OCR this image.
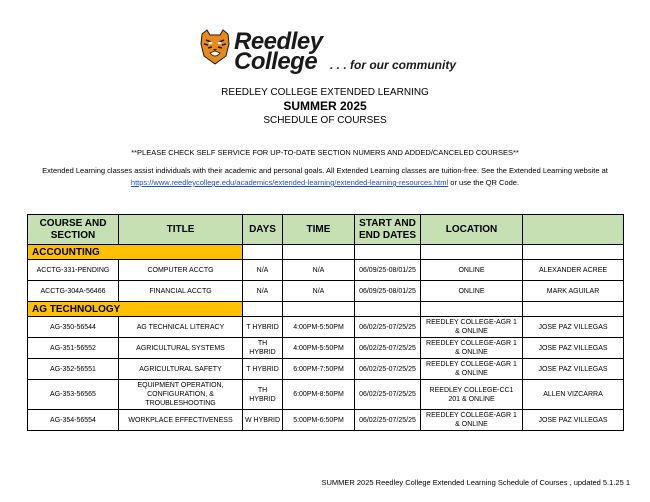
Reedley
College . . . for our community
REEDLEY COLLEGE EXTENDED LEARNING
SUMMER 2025
SCHEDULE OF COURSES
**PLEASE CHECK SELF SERVICE FOR UP-TO-DATE SECTION NUMERS AND ADDED/CANCELED COURSES**
Extended Learning classes assist individuals with their academic and personal goals. All Extended Learning classes are tuition-free. See the Extended Learning website at https://www.reedleycollege.edu/academics/extended-learning/extended-learning-resources.html or use the QR Code.
COURSE AND SECTION	TITLE	DAYS	TIME	START AND END DATES	LOCATION	
ACCOUNTING						
ACCTG-331-PENDING	COMPUTER ACCTG	N/A	N/A	06/09/25-08/01/25	ONLINE	ALEXANDER ACREE
ACCTG-304A-56466	FINANCIAL ACCTG	N/A	N/A	06/09/25-08/01/25	ONLINE	MARK AGUILAR
AG TECHNOLOGY						
AG-350-56544	AG TECHNICAL LITERACY	T HYBRID	4:00PM-5:50PM	06/02/25-07/25/25	REEDLEY COLLEGE-AGR 1 & ONLINE	JOSE PAZ VILLEGAS
AG-351-56552	AGRICULTURAL SYSTEMS	TH HYBRID	4:00PM-5:50PM	06/02/25-07/25/25	REEDLEY COLLEGE-AGR 1 & ONLINE	JOSE PAZ VILLEGAS
AG-352-56551	AGRICULTURAL SAFETY	T HYBRID	6:00PM-7:50PM	06/02/25-07/25/25	REEDLEY COLLEGE-AGR 1 & ONLINE	JOSE PAZ VILLEGAS
AG-353-56565	EQUIPMENT OPERATION, CONFIGURATION, & TROUBLESHOOTING	TH HYBRID	6:00PM-8:50PM	06/02/25-07/25/25	REEDLEY COLLEGE-CC1 201 & ONLINE	ALLEN VIZCARRA
AG-354-56554	WORKPLACE EFFECTIVENESS	W HYBRID	5:00PM-6:50PM	06/02/25-07/25/25	REEDLEY COLLEGE-AGR 1 & ONLINE	JOSE PAZ VILLEGAS
SUMMER 2025 Reedley College Extended Learning Schedule of Courses , updated 5.1.25 1
